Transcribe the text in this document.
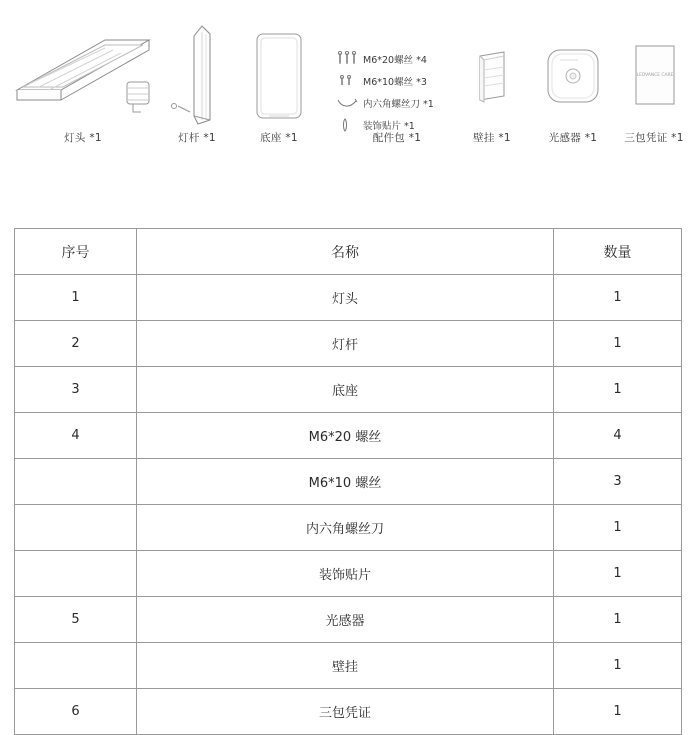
灯头 *1	灯杆 *1	底座 *1	配件包 *1
M6*20螺丝 *4
M6*10螺丝 *3
内六角螺丝刀 *1
装饰贴片 *1
壁挂 *1	光感器 *1
LEDVANCE CARE
三包凭证 *1
序号	名称	数量
1	灯头	1
2	灯杆	1
3	底座	1
4	M6*20 螺丝	4
	M6*10 螺丝	3
	内六角螺丝刀	1
	装饰贴片	1
5	光感器	1
	壁挂	1
6	三包凭证	1
